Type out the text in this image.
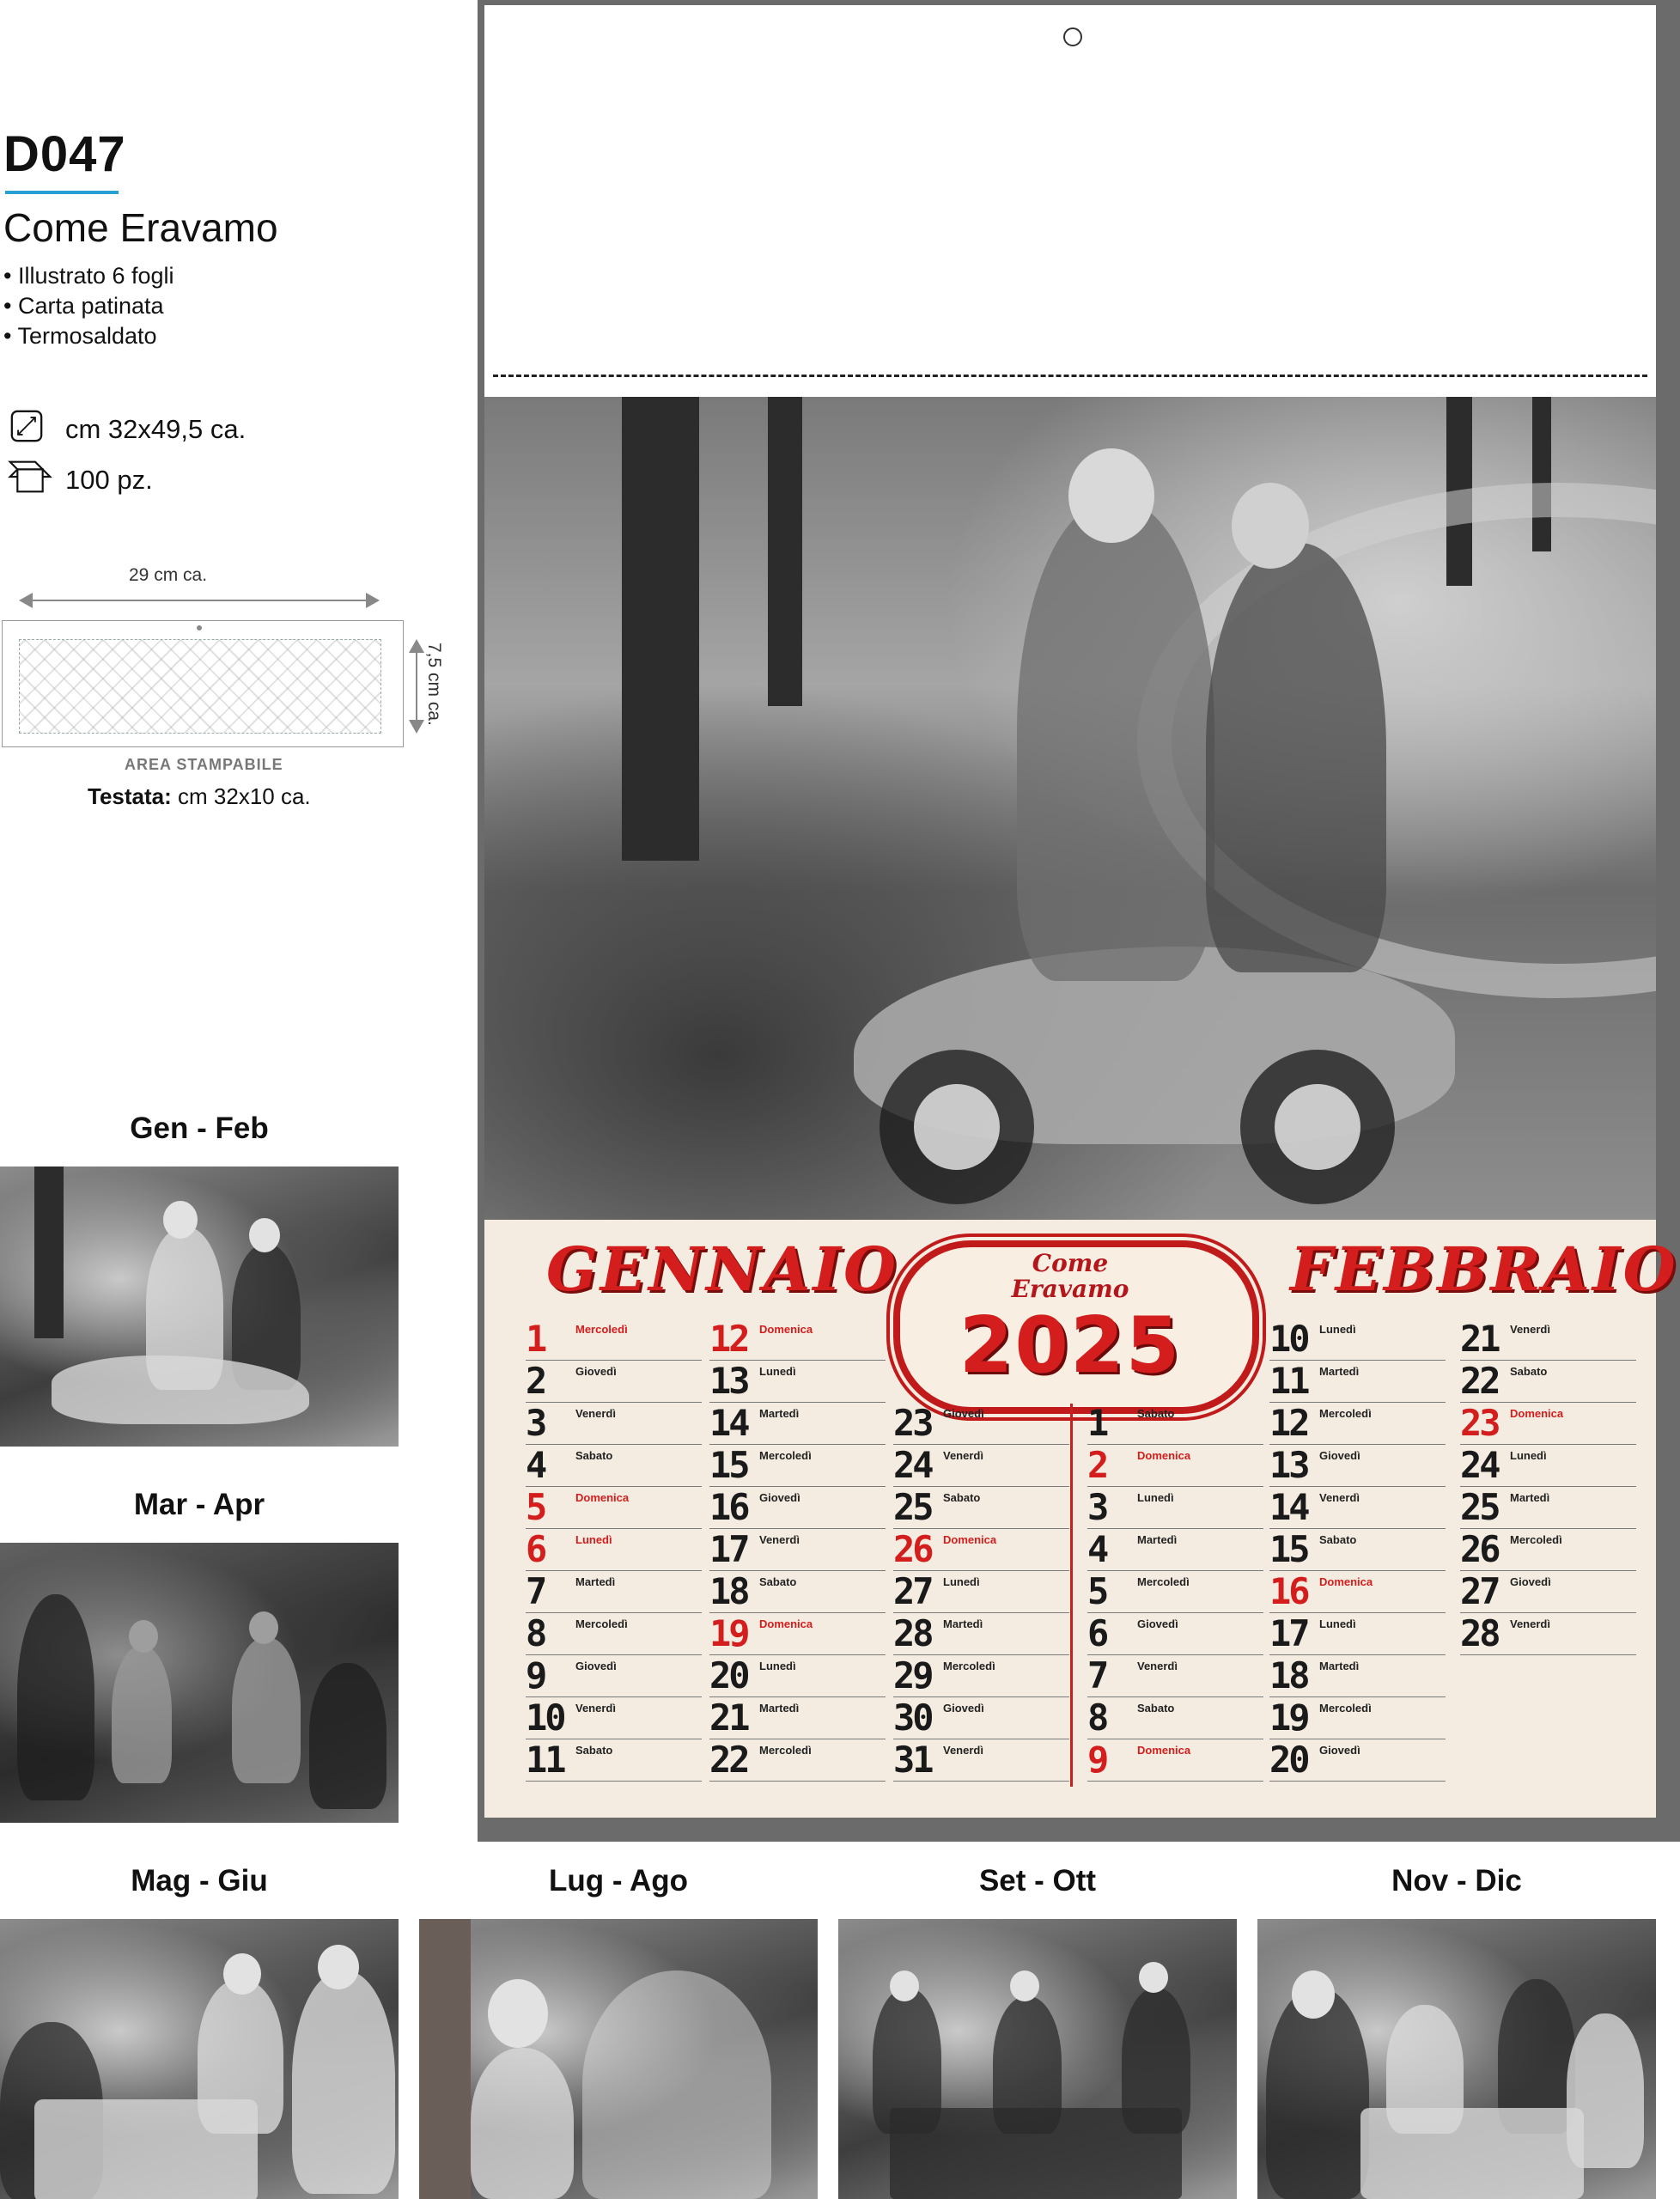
D047
Come Eravamo
• Illustrato 6 fogli
• Carta patinata
• Termosaldato
cm 32x49,5 ca.
100 pz.
29 cm ca.
7,5 cm ca.
AREA STAMPABILE
Testata: cm 32x10 ca.
Gen - Feb
Mar - Apr
Mag - Giu	Lug - Ago	Set - Ott	Nov - Dic
GENNAIO	FEBBRAIO
Come
Eravamo
2025
1	Mercoledì
2	Giovedì
3	Venerdì
4	Sabato
5	Domenica
6	Lunedì
7	Martedì
8	Mercoledì
9	Giovedì
10	Venerdì
11	Sabato
12	Domenica
13	Lunedì
14	Martedì
15	Mercoledì
16	Giovedì
17	Venerdì
18	Sabato
19	Domenica
20	Lunedì
21	Martedì
22	Mercoledì
23	Giovedì
24	Venerdì
25	Sabato
26	Domenica
27	Lunedì
28	Martedì
29	Mercoledì
30	Giovedì
31	Venerdì
1	Sabato
2	Domenica
3	Lunedì
4	Martedì
5	Mercoledì
6	Giovedì
7	Venerdì
8	Sabato
9	Domenica
10	Lunedì
11	Martedì
12	Mercoledì
13	Giovedì
14	Venerdì
15	Sabato
16	Domenica
17	Lunedì
18	Martedì
19	Mercoledì
20	Giovedì
21	Venerdì
22	Sabato
23	Domenica
24	Lunedì
25	Martedì
26	Mercoledì
27	Giovedì
28	Venerdì
